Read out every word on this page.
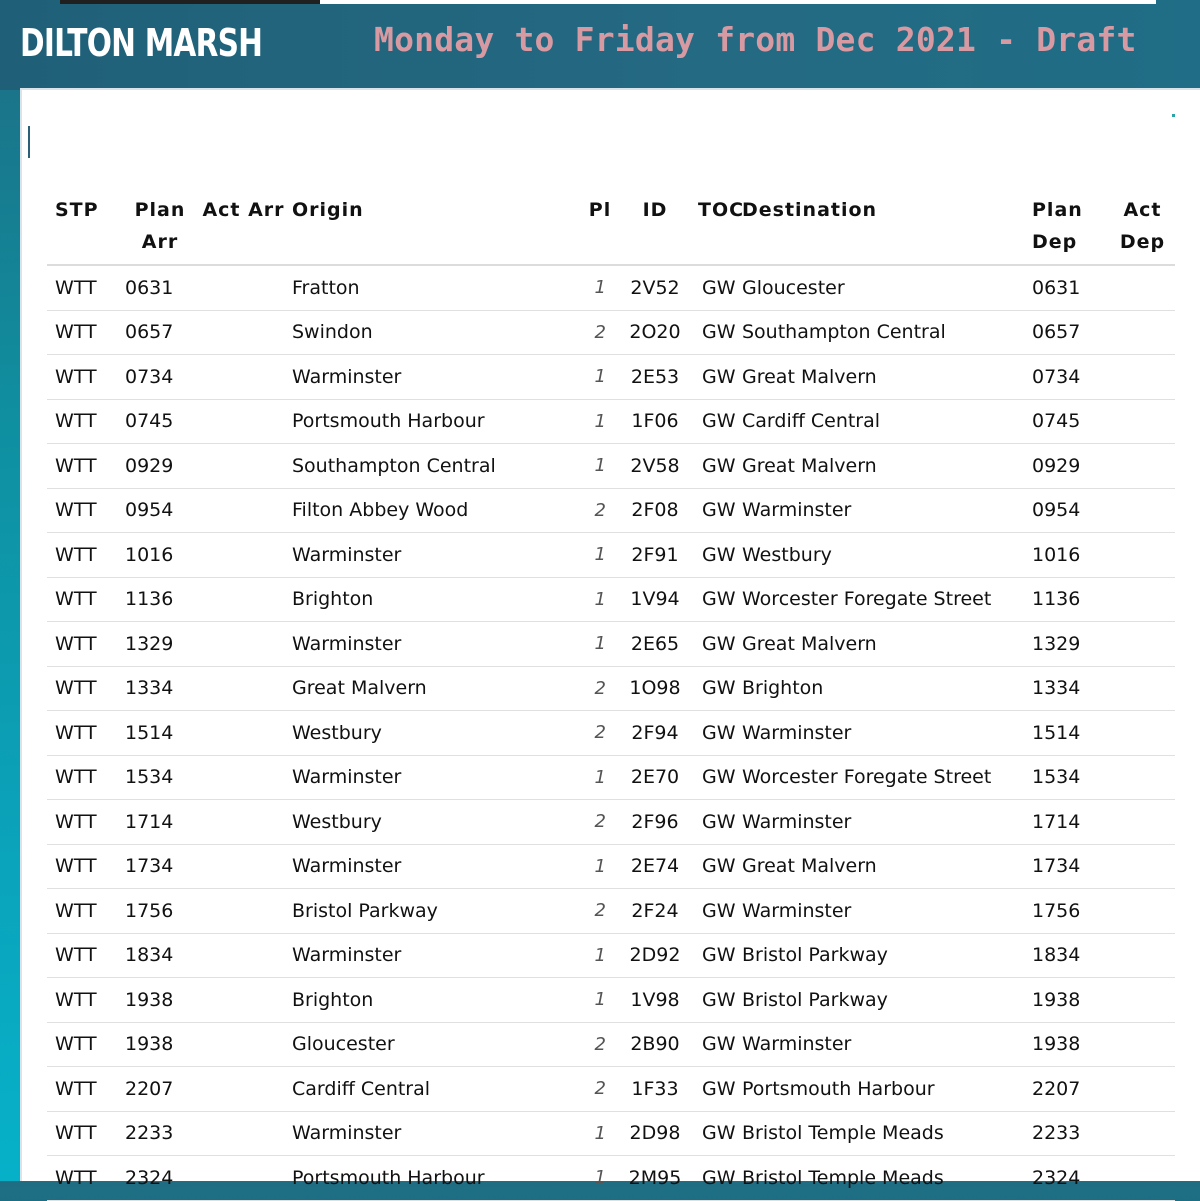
DILTON MARSH	Monday to Friday from Dec 2021 - Draft
STP	Plan Arr	Act Arr	Origin	Pl	ID	TOC	Destination	Plan Dep	Act Dep
WTT	0631		Fratton	1	2V52	GW	Gloucester	0631	
WTT	0657		Swindon	2	2O20	GW	Southampton Central	0657	
WTT	0734		Warminster	1	2E53	GW	Great Malvern	0734	
WTT	0745		Portsmouth Harbour	1	1F06	GW	Cardiff Central	0745	
WTT	0929		Southampton Central	1	2V58	GW	Great Malvern	0929	
WTT	0954		Filton Abbey Wood	2	2F08	GW	Warminster	0954	
WTT	1016		Warminster	1	2F91	GW	Westbury	1016	
WTT	1136		Brighton	1	1V94	GW	Worcester Foregate Street	1136	
WTT	1329		Warminster	1	2E65	GW	Great Malvern	1329	
WTT	1334		Great Malvern	2	1O98	GW	Brighton	1334	
WTT	1514		Westbury	2	2F94	GW	Warminster	1514	
WTT	1534		Warminster	1	2E70	GW	Worcester Foregate Street	1534	
WTT	1714		Westbury	2	2F96	GW	Warminster	1714	
WTT	1734		Warminster	1	2E74	GW	Great Malvern	1734	
WTT	1756		Bristol Parkway	2	2F24	GW	Warminster	1756	
WTT	1834		Warminster	1	2D92	GW	Bristol Parkway	1834	
WTT	1938		Brighton	1	1V98	GW	Bristol Parkway	1938	
WTT	1938		Gloucester	2	2B90	GW	Warminster	1938	
WTT	2207		Cardiff Central	2	1F33	GW	Portsmouth Harbour	2207	
WTT	2233		Warminster	1	2D98	GW	Bristol Temple Meads	2233	
WTT	2324		Portsmouth Harbour	1	2M95	GW	Bristol Temple Meads	2324	
